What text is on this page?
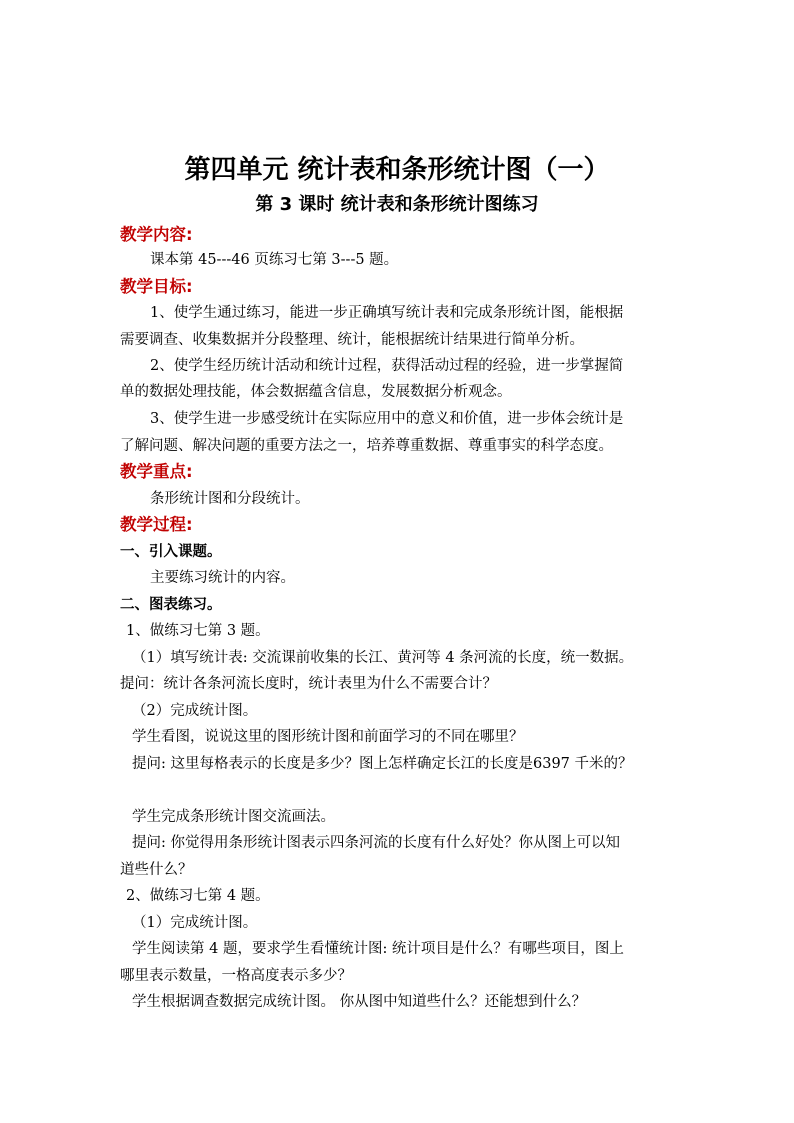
第四单元 统计表和条形统计图（一）
第 3 课时 统计表和条形统计图练习
教学内容:
课本第 45---46 页练习七第 3---5 题。
教学目标:
1、使学生通过练习，能进一步正确填写统计表和完成条形统计图，能根据
需要调查、收集数据并分段整理、统计，能根据统计结果进行简单分析。
2、使学生经历统计活动和统计过程，获得活动过程的经验，进一步掌握简
单的数据处理技能，体会数据蕴含信息，发展数据分析观念。
3、使学生进一步感受统计在实际应用中的意义和价值，进一步体会统计是
了解问题、解决问题的重要方法之一，培养尊重数据、尊重事实的科学态度。
教学重点:
条形统计图和分段统计。
教学过程:
一、引入课题。
主要练习统计的内容。
二、图表练习。
1、做练习七第 3 题。
（1）填写统计表: 交流课前收集的长江、黄河等 4 条河流的长度，统一数据。
提问：统计各条河流长度时，统计表里为什么不需要合计？
（2）完成统计图。
学生看图，说说这里的图形统计图和前面学习的不同在哪里？
提问: 这里每格表示的长度是多少？图上怎样确定长江的长度是6397 千米的？
学生完成条形统计图交流画法。
提问: 你觉得用条形统计图表示四条河流的长度有什么好处？你从图上可以知
道些什么？
2、做练习七第 4 题。
（1）完成统计图。
学生阅读第 4 题，要求学生看懂统计图: 统计项目是什么？有哪些项目，图上
哪里表示数量，一格高度表示多少？
学生根据调查数据完成统计图。 你从图中知道些什么？还能想到什么？
